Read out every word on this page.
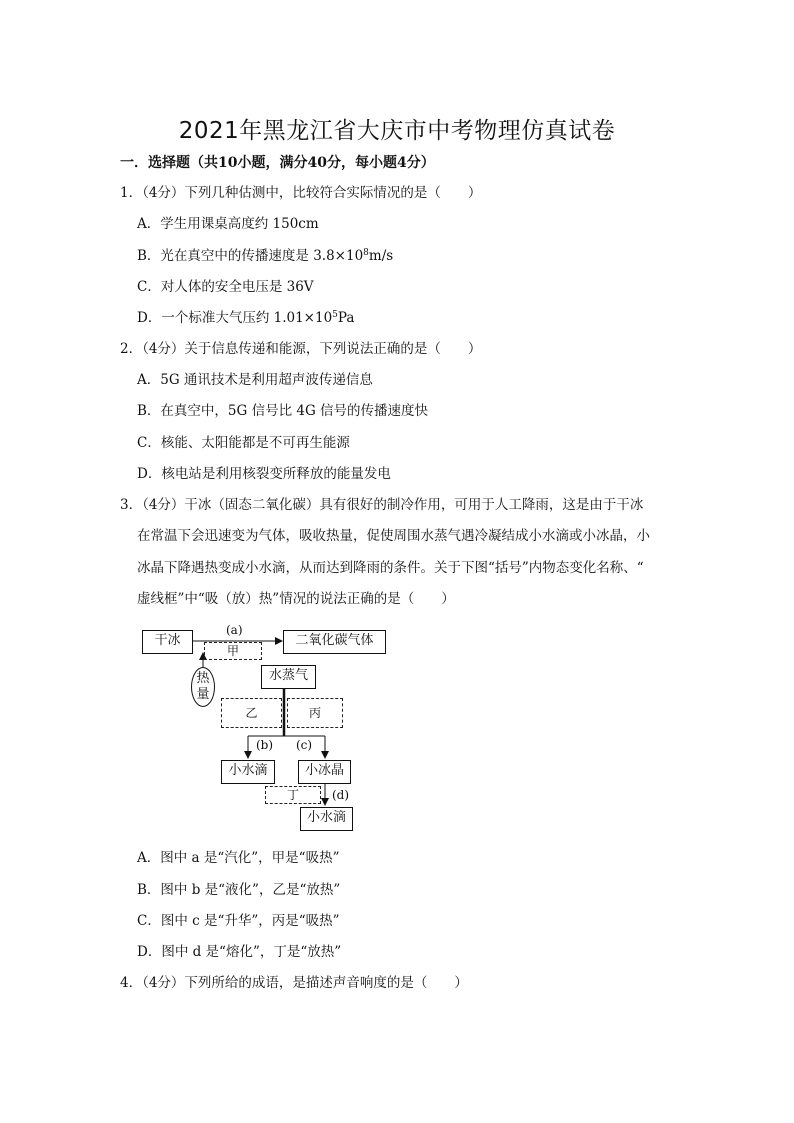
2021年黑龙江省大庆市中考物理仿真试卷
一．选择题（共10小题，满分40分，每小题4分）
1．（4分）下列几种估测中，比较符合实际情况的是（　　）
A．学生用课桌高度约 150cm
B．光在真空中的传播速度是 $3.8\times 10^8m/s$
C．对人体的安全电压是 36V
D．一个标准大气压约 $1.01\times 10^5Pa$
2．（4分）关于信息传递和能源，下列说法正确的是（　　）
A．5G 通讯技术是利用超声波传递信息
B．在真空中，5G 信号比 4G 信号的传播速度快
C．核能、太阳能都是不可再生能源
D．核电站是利用核裂变所释放的能量发电
3．（4分）干冰（固态二氧化碳）具有很好的制冷作用，可用于人工降雨，这是由于干冰
在常温下会迅速变为气体，吸收热量，促使周围水蒸气遇冷凝结成小水滴或小冰晶，小
冰晶下降遇热变成小水滴，从而达到降雨的条件。关于下图“括号”内物态变化名称、“
虚线框”中“吸（放）热”情况的说法正确的是（　　）
干冰
(a)
甲
二氧化碳气体
热
量
水蒸气
乙	丙
(b) (c)
小水滴	小冰晶
丁	(d)
小水滴
A．图中 a 是“汽化”，甲是“吸热”
B．图中 b 是“液化”，乙是“放热”
C．图中 c 是“升华”，丙是“吸热”
D．图中 d 是“熔化”，丁是“放热”
4．（4分）下列所给的成语，是描述声音响度的是（　　）
